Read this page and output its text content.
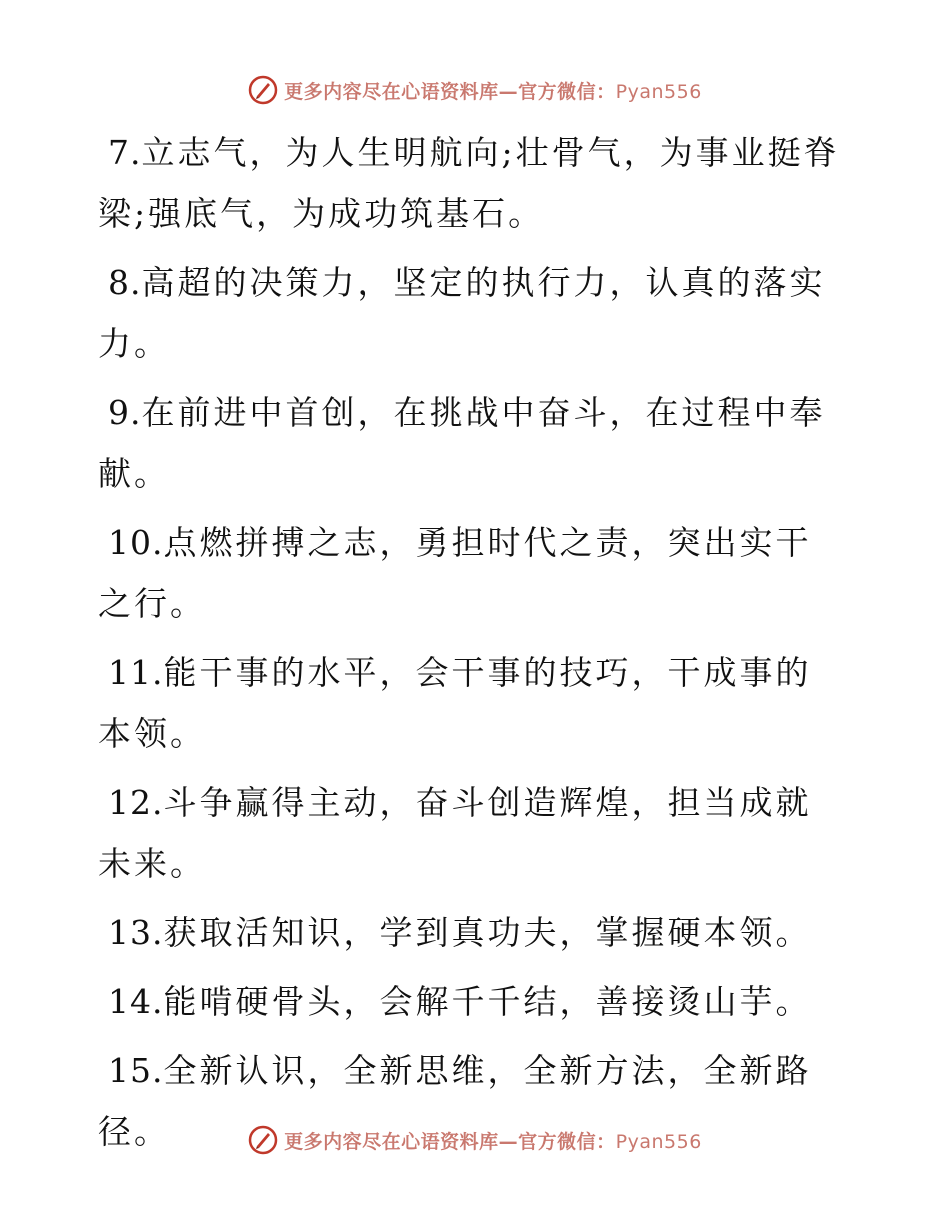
更多内容尽在心语资料库—官方微信：Pyan556

7.立志气，为人生明航向;壮骨气，为事业挺脊梁;强底气，为成功筑基石。

8.高超的决策力，坚定的执行力，认真的落实力。

9.在前进中首创，在挑战中奋斗，在过程中奉献。

10.点燃拼搏之志，勇担时代之责，突出实干之行。

11.能干事的水平，会干事的技巧，干成事的本领。

12.斗争赢得主动，奋斗创造辉煌，担当成就未来。

13.获取活知识，学到真功夫，掌握硬本领。

14.能啃硬骨头，会解千千结，善接烫山芋。

15.全新认识，全新思维，全新方法，全新路径。	更多内容尽在心语资料库—官方微信：Pyan556
